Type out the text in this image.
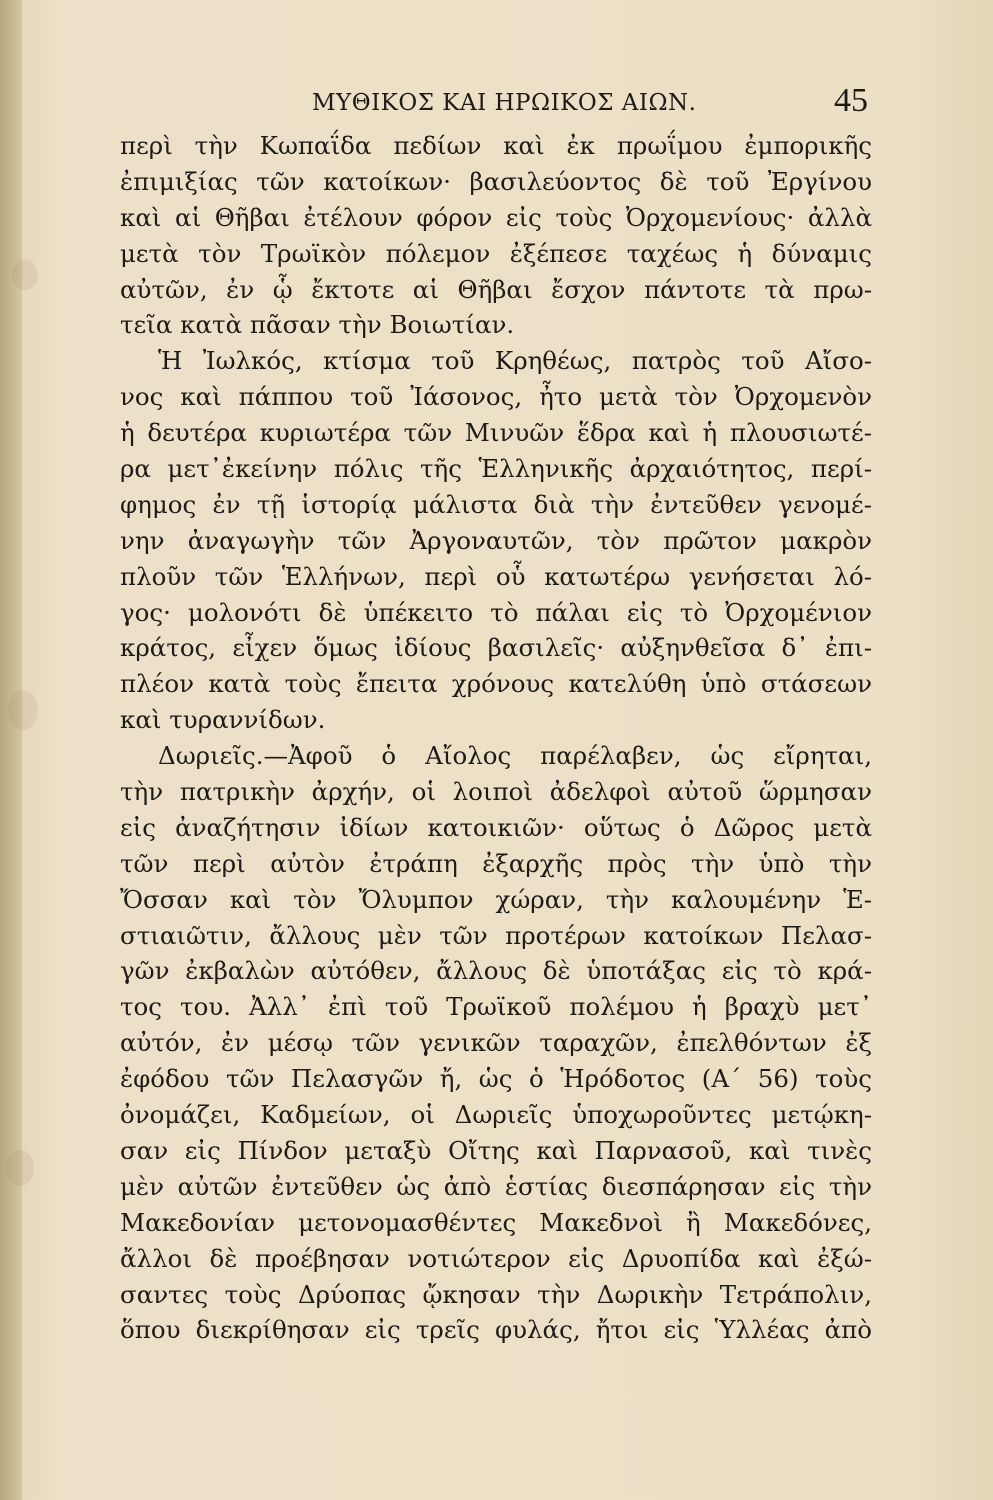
ΜΥΘΙΚΟΣ ΚΑΙ ΗΡΩΙΚΟΣ ΑΙΩΝ.	45
περὶ τὴν Κωπαΐδα πεδίων καὶ ἐκ πρωΐμου ἐμπορικῆς
ἐπιμιξίας τῶν κατοίκων· βασιλεύοντος δὲ τοῦ Ἐργίνου
καὶ αἱ Θῆβαι ἐτέλουν φόρον εἰς τοὺς Ὀρχομενίους· ἀλλὰ
μετὰ τὸν Τρωϊκὸν πόλεμον ἐξέπεσε ταχέως ἡ δύναμις
αὐτῶν, ἐν ᾧ ἔκτοτε αἱ Θῆβαι ἔσχον πάντοτε τὰ πρω-
τεῖα κατὰ πᾶσαν τὴν Βοιωτίαν.
Ἡ Ἰωλκός, κτίσμα τοῦ Κρηθέως, πατρὸς τοῦ Αἴσο-
νος καὶ πάππου τοῦ Ἰάσονος, ἦτο μετὰ τὸν Ὀρχομενὸν
ἡ δευτέρα κυριωτέρα τῶν Μινυῶν ἕδρα καὶ ἡ πλουσιωτέ-
ρα μετ᾿ἐκείνην πόλις τῆς Ἑλληνικῆς ἀρχαιότητος, περί-
φημος ἐν τῇ ἱστορίᾳ μάλιστα διὰ τὴν ἐντεῦθεν γενομέ-
νην ἀναγωγὴν τῶν Ἀργοναυτῶν, τὸν πρῶτον μακρὸν
πλοῦν τῶν Ἑλλήνων, περὶ οὗ κατωτέρω γενήσεται λό-
γος· μολονότι δὲ ὑπέκειτο τὸ πάλαι εἰς τὸ Ὀρχομένιον
κράτος, εἶχεν ὅμως ἰδίους βασιλεῖς· αὐξηνθεῖσα δ᾿ ἐπι-
πλέον κατὰ τοὺς ἔπειτα χρόνους κατελύθη ὑπὸ στάσεων
καὶ τυραννίδων.
Δωριεῖς.—Ἀφοῦ ὁ Αἴολος παρέλαβεν, ὡς εἴρηται,
τὴν πατρικὴν ἀρχήν, οἱ λοιποὶ ἀδελφοὶ αὐτοῦ ὥρμησαν
εἰς ἀναζήτησιν ἰδίων κατοικιῶν· οὕτως ὁ Δῶρος μετὰ
τῶν περὶ αὐτὸν ἐτράπη ἐξαρχῆς πρὸς τὴν ὑπὸ τὴν
Ὄσσαν καὶ τὸν Ὄλυμπον χώραν, τὴν καλουμένην Ἑ-
στιαιῶτιν, ἄλλους μὲν τῶν προτέρων κατοίκων Πελασ-
γῶν ἐκβαλὼν αὐτόθεν, ἄλλους δὲ ὑποτάξας εἰς τὸ κρά-
τος του. Ἀλλ᾿ ἐπὶ τοῦ Τρωϊκοῦ πολέμου ἡ βραχὺ μετ᾿
αὐτόν, ἐν μέσῳ τῶν γενικῶν ταραχῶν, ἐπελθόντων ἐξ
ἐφόδου τῶν Πελασγῶν ἤ, ὡς ὁ Ἡρόδοτος (Α΄ 56) τοὺς
ὀνομάζει, Καδμείων, οἱ Δωριεῖς ὑποχωροῦντες μετῴκη-
σαν εἰς Πίνδον μεταξὺ Οἴτης καὶ Παρνασοῦ, καὶ τινὲς
μὲν αὐτῶν ἐντεῦθεν ὡς ἀπὸ ἑστίας διεσπάρησαν εἰς τὴν
Μακεδονίαν μετονομασθέντες Μακεδνοὶ ἢ Μακεδόνες,
ἄλλοι δὲ προέβησαν νοτιώτερον εἰς Δρυοπίδα καὶ ἐξώ-
σαντες τοὺς Δρύοπας ᾤκησαν τὴν Δωρικὴν Τετράπολιν,
ὅπου διεκρίθησαν εἰς τρεῖς φυλάς, ἤτοι εἰς Ὑλλέας ἀπὸ
